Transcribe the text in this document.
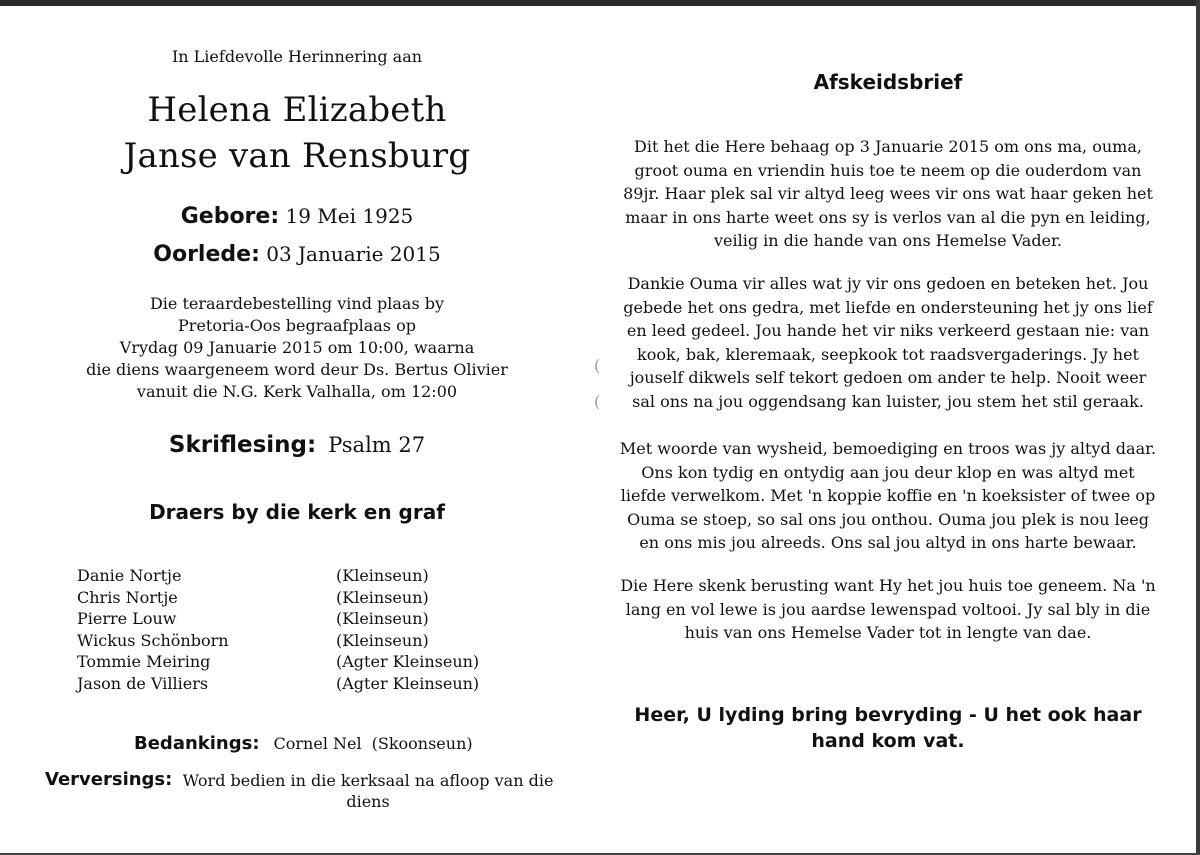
In Liefdevolle Herinnering aan
Helena Elizabeth
Janse van Rensburg
Gebore: 19 Mei 1925
Oorlede: 03 Januarie 2015
Die teraardebestelling vind plaas by
Pretoria-Oos begraafplaas op
Vrydag 09 Januarie 2015 om 10:00, waarna
die diens waargeneem word deur Ds. Bertus Olivier
vanuit die N.G. Kerk Valhalla, om 12:00
Skriflesing: Psalm 27
Draers by die kerk en graf
Danie Nortje	(Kleinseun)
Chris Nortje	(Kleinseun)
Pierre Louw	(Kleinseun)
Wickus Schönborn	(Kleinseun)
Tommie Meiring	(Agter Kleinseun)
Jason de Villiers	(Agter Kleinseun)
Bedankings: Cornel Nel (Skoonseun)
Verversings: Word bedien in die kerksaal na afloop van die
diens
Afskeidsbrief
Dit het die Here behaag op 3 Januarie 2015 om ons ma, ouma,
groot ouma en vriendin huis toe te neem op die ouderdom van
89jr. Haar plek sal vir altyd leeg wees vir ons wat haar geken het
maar in ons harte weet ons sy is verlos van al die pyn en leiding,
veilig in die hande van ons Hemelse Vader.
Dankie Ouma vir alles wat jy vir ons gedoen en beteken het. Jou
gebede het ons gedra, met liefde en ondersteuning het jy ons lief
en leed gedeel. Jou hande het vir niks verkeerd gestaan nie: van
kook, bak, kleremaak, seepkook tot raadsvergaderings. Jy het
jouself dikwels self tekort gedoen om ander te help. Nooit weer
sal ons na jou oggendsang kan luister, jou stem het stil geraak.
Met woorde van wysheid, bemoediging en troos was jy altyd daar.
Ons kon tydig en ontydig aan jou deur klop en was altyd met
liefde verwelkom. Met 'n koppie koffie en 'n koeksister of twee op
Ouma se stoep, so sal ons jou onthou. Ouma jou plek is nou leeg
en ons mis jou alreeds. Ons sal jou altyd in ons harte bewaar.
Die Here skenk berusting want Hy het jou huis toe geneem. Na 'n
lang en vol lewe is jou aardse lewenspad voltooi. Jy sal bly in die
huis van ons Hemelse Vader tot in lengte van dae.
Heer, U lyding bring bevryding - U het ook haar
hand kom vat.
(
(
